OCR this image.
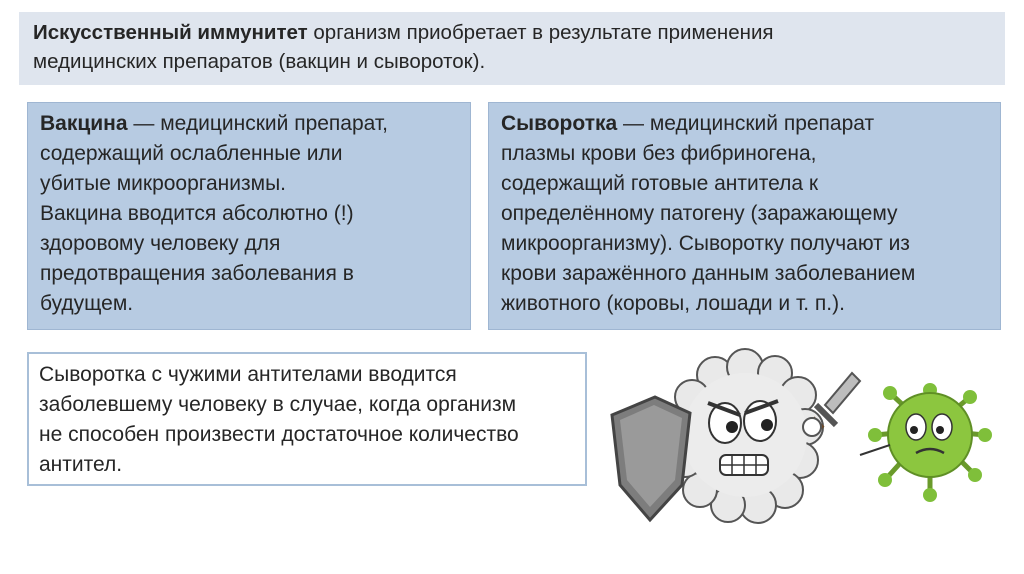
Искусственный иммунитет организм приобретает в результате применения
медицинских препаратов (вакцин и сывороток).
Вакцина — медицинский препарат,
содержащий ослабленные или
убитые микроорганизмы.
Вакцина вводится абсолютно (!)
здоровому человеку для
предотвращения заболевания в
будущем.
Сыворотка — медицинский препарат
плазмы крови без фибриногена,
содержащий готовые антитела к
определённому патогену (заражающему
микроорганизму). Сыворотку получают из
крови заражённого данным заболеванием
животного (коровы, лошади и т. п.).
Сыворотка с чужими антителами вводится
заболевшему человеку в случае, когда организм
не способен произвести достаточное количество
антител.
